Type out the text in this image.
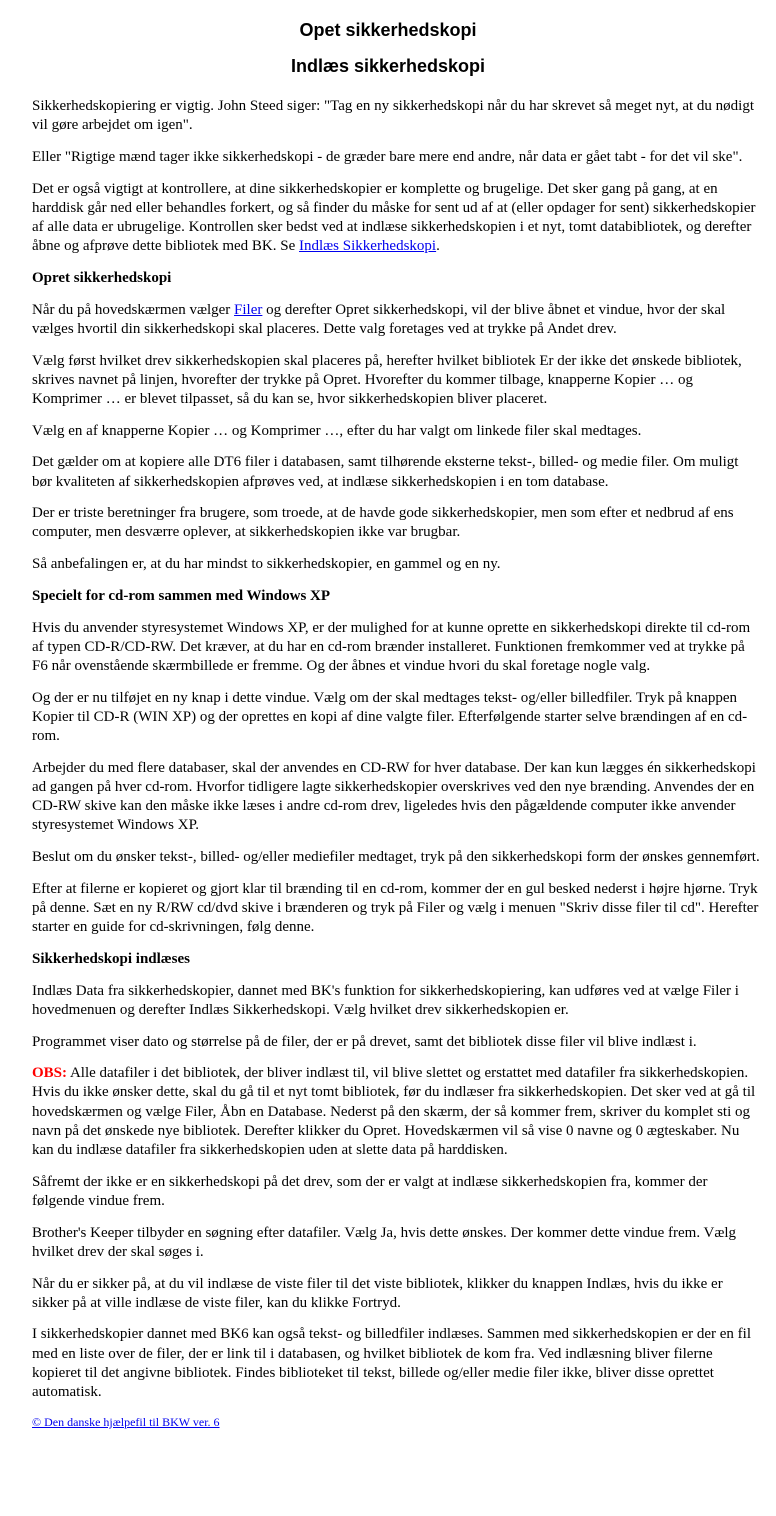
Opet sikkerhedskopi
Indlæs sikkerhedskopi

Sikkerhedskopiering er vigtig. John Steed siger: "Tag en ny sikkerhedskopi når du har skrevet så meget nyt, at du nødigt vil gøre arbejdet om igen".

Eller "Rigtige mænd tager ikke sikkerhedskopi - de græder bare mere end andre, når data er gået tabt - for det vil ske".

Det er også vigtigt at kontrollere, at dine sikkerhedskopier er komplette og brugelige. Det sker gang på gang, at en harddisk går ned eller behandles forkert, og så finder du måske for sent ud af at (eller opdager for sent) sikkerhedskopier af alle data er ubrugelige. Kontrollen sker bedst ved at indlæse sikkerhedskopien i et nyt, tomt databibliotek, og derefter åbne og afprøve dette bibliotek med BK. Se Indlæs Sikkerhedskopi.

Opret sikkerhedskopi

Når du på hovedskærmen vælger Filer og derefter Opret sikkerhedskopi, vil der blive åbnet et vindue, hvor der skal vælges hvortil din sikkerhedskopi skal placeres. Dette valg foretages ved at trykke på Andet drev.

Vælg først hvilket drev sikkerhedskopien skal placeres på, herefter hvilket bibliotek Er der ikke det ønskede bibliotek, skrives navnet på linjen, hvorefter der trykke på Opret. Hvorefter du kommer tilbage, knapperne Kopier … og Komprimer … er blevet tilpasset, så du kan se, hvor sikkerhedskopien bliver placeret.

Vælg en af knapperne Kopier … og Komprimer …, efter du har valgt om linkede filer skal medtages.

Det gælder om at kopiere alle DT6 filer i databasen, samt tilhørende eksterne tekst-, billed- og medie filer. Om muligt bør kvaliteten af sikkerhedskopien afprøves ved, at indlæse sikkerhedskopien i en tom database.

Der er triste beretninger fra brugere, som troede, at de havde gode sikkerhedskopier, men som efter et nedbrud af ens computer, men desværre oplever, at sikkerhedskopien ikke var brugbar.

Så anbefalingen er, at du har mindst to sikkerhedskopier, en gammel og en ny.

Specielt for cd-rom sammen med Windows XP

Hvis du anvender styresystemet Windows XP, er der mulighed for at kunne oprette en sikkerhedskopi direkte til cd-rom af typen CD-R/CD-RW. Det kræver, at du har en cd-rom brænder installeret. Funktionen fremkommer ved at trykke på F6 når ovenstående skærmbillede er fremme. Og der åbnes et vindue hvori du skal foretage nogle valg.

Og der er nu tilføjet en ny knap i dette vindue. Vælg om der skal medtages tekst- og/eller billedfiler. Tryk på knappen Kopier til CD-R (WIN XP) og der oprettes en kopi af dine valgte filer. Efterfølgende starter selve brændingen af en cd-rom.

Arbejder du med flere databaser, skal der anvendes en CD-RW for hver database. Der kan kun lægges én sikkerhedskopi ad gangen på hver cd-rom. Hvorfor tidligere lagte sikkerhedskopier overskrives ved den nye brænding. Anvendes der en CD-RW skive kan den måske ikke læses i andre cd-rom drev, ligeledes hvis den pågældende computer ikke anvender styresystemet Windows XP.

Beslut om du ønsker tekst-, billed- og/eller mediefiler medtaget, tryk på den sikkerhedskopi form der ønskes gennemført.

Efter at filerne er kopieret og gjort klar til brænding til en cd-rom, kommer der en gul besked nederst i højre hjørne. Tryk på denne. Sæt en ny R/RW cd/dvd skive i brænderen og tryk på Filer og vælg i menuen "Skriv disse filer til cd". Herefter starter en guide for cd-skrivningen, følg denne.

Sikkerhedskopi indlæses

Indlæs Data fra sikkerhedskopier, dannet med BK's funktion for sikkerhedskopiering, kan udføres ved at vælge Filer i hovedmenuen og derefter Indlæs Sikkerhedskopi. Vælg hvilket drev sikkerhedskopien er.

Programmet viser dato og størrelse på de filer, der er på drevet, samt det bibliotek disse filer vil blive indlæst i.

OBS: Alle datafiler i det bibliotek, der bliver indlæst til, vil blive slettet og erstattet med datafiler fra sikkerhedskopien. Hvis du ikke ønsker dette, skal du gå til et nyt tomt bibliotek, før du indlæser fra sikkerhedskopien. Det sker ved at gå til hovedskærmen og vælge Filer, Åbn en Database. Nederst på den skærm, der så kommer frem, skriver du komplet sti og navn på det ønskede nye bibliotek. Derefter klikker du Opret. Hovedskærmen vil så vise 0 navne og 0 ægteskaber. Nu kan du indlæse datafiler fra sikkerhedskopien uden at slette data på harddisken.

Såfremt der ikke er en sikkerhedskopi på det drev, som der er valgt at indlæse sikkerhedskopien fra, kommer der følgende vindue frem.

Brother's Keeper tilbyder en søgning efter datafiler. Vælg Ja, hvis dette ønskes. Der kommer dette vindue frem. Vælg hvilket drev der skal søges i.

Når du er sikker på, at du vil indlæse de viste filer til det viste bibliotek, klikker du knappen Indlæs, hvis du ikke er sikker på at ville indlæse de viste filer, kan du klikke Fortryd.

I sikkerhedskopier dannet med BK6 kan også tekst- og billedfiler indlæses. Sammen med sikkerhedskopien er der en fil med en liste over de filer, der er link til i databasen, og hvilket bibliotek de kom fra. Ved indlæsning bliver filerne kopieret til det angivne bibliotek. Findes biblioteket til tekst, billede og/eller medie filer ikke, bliver disse oprettet automatisk.

© Den danske hjælpefil til BKW ver. 6
